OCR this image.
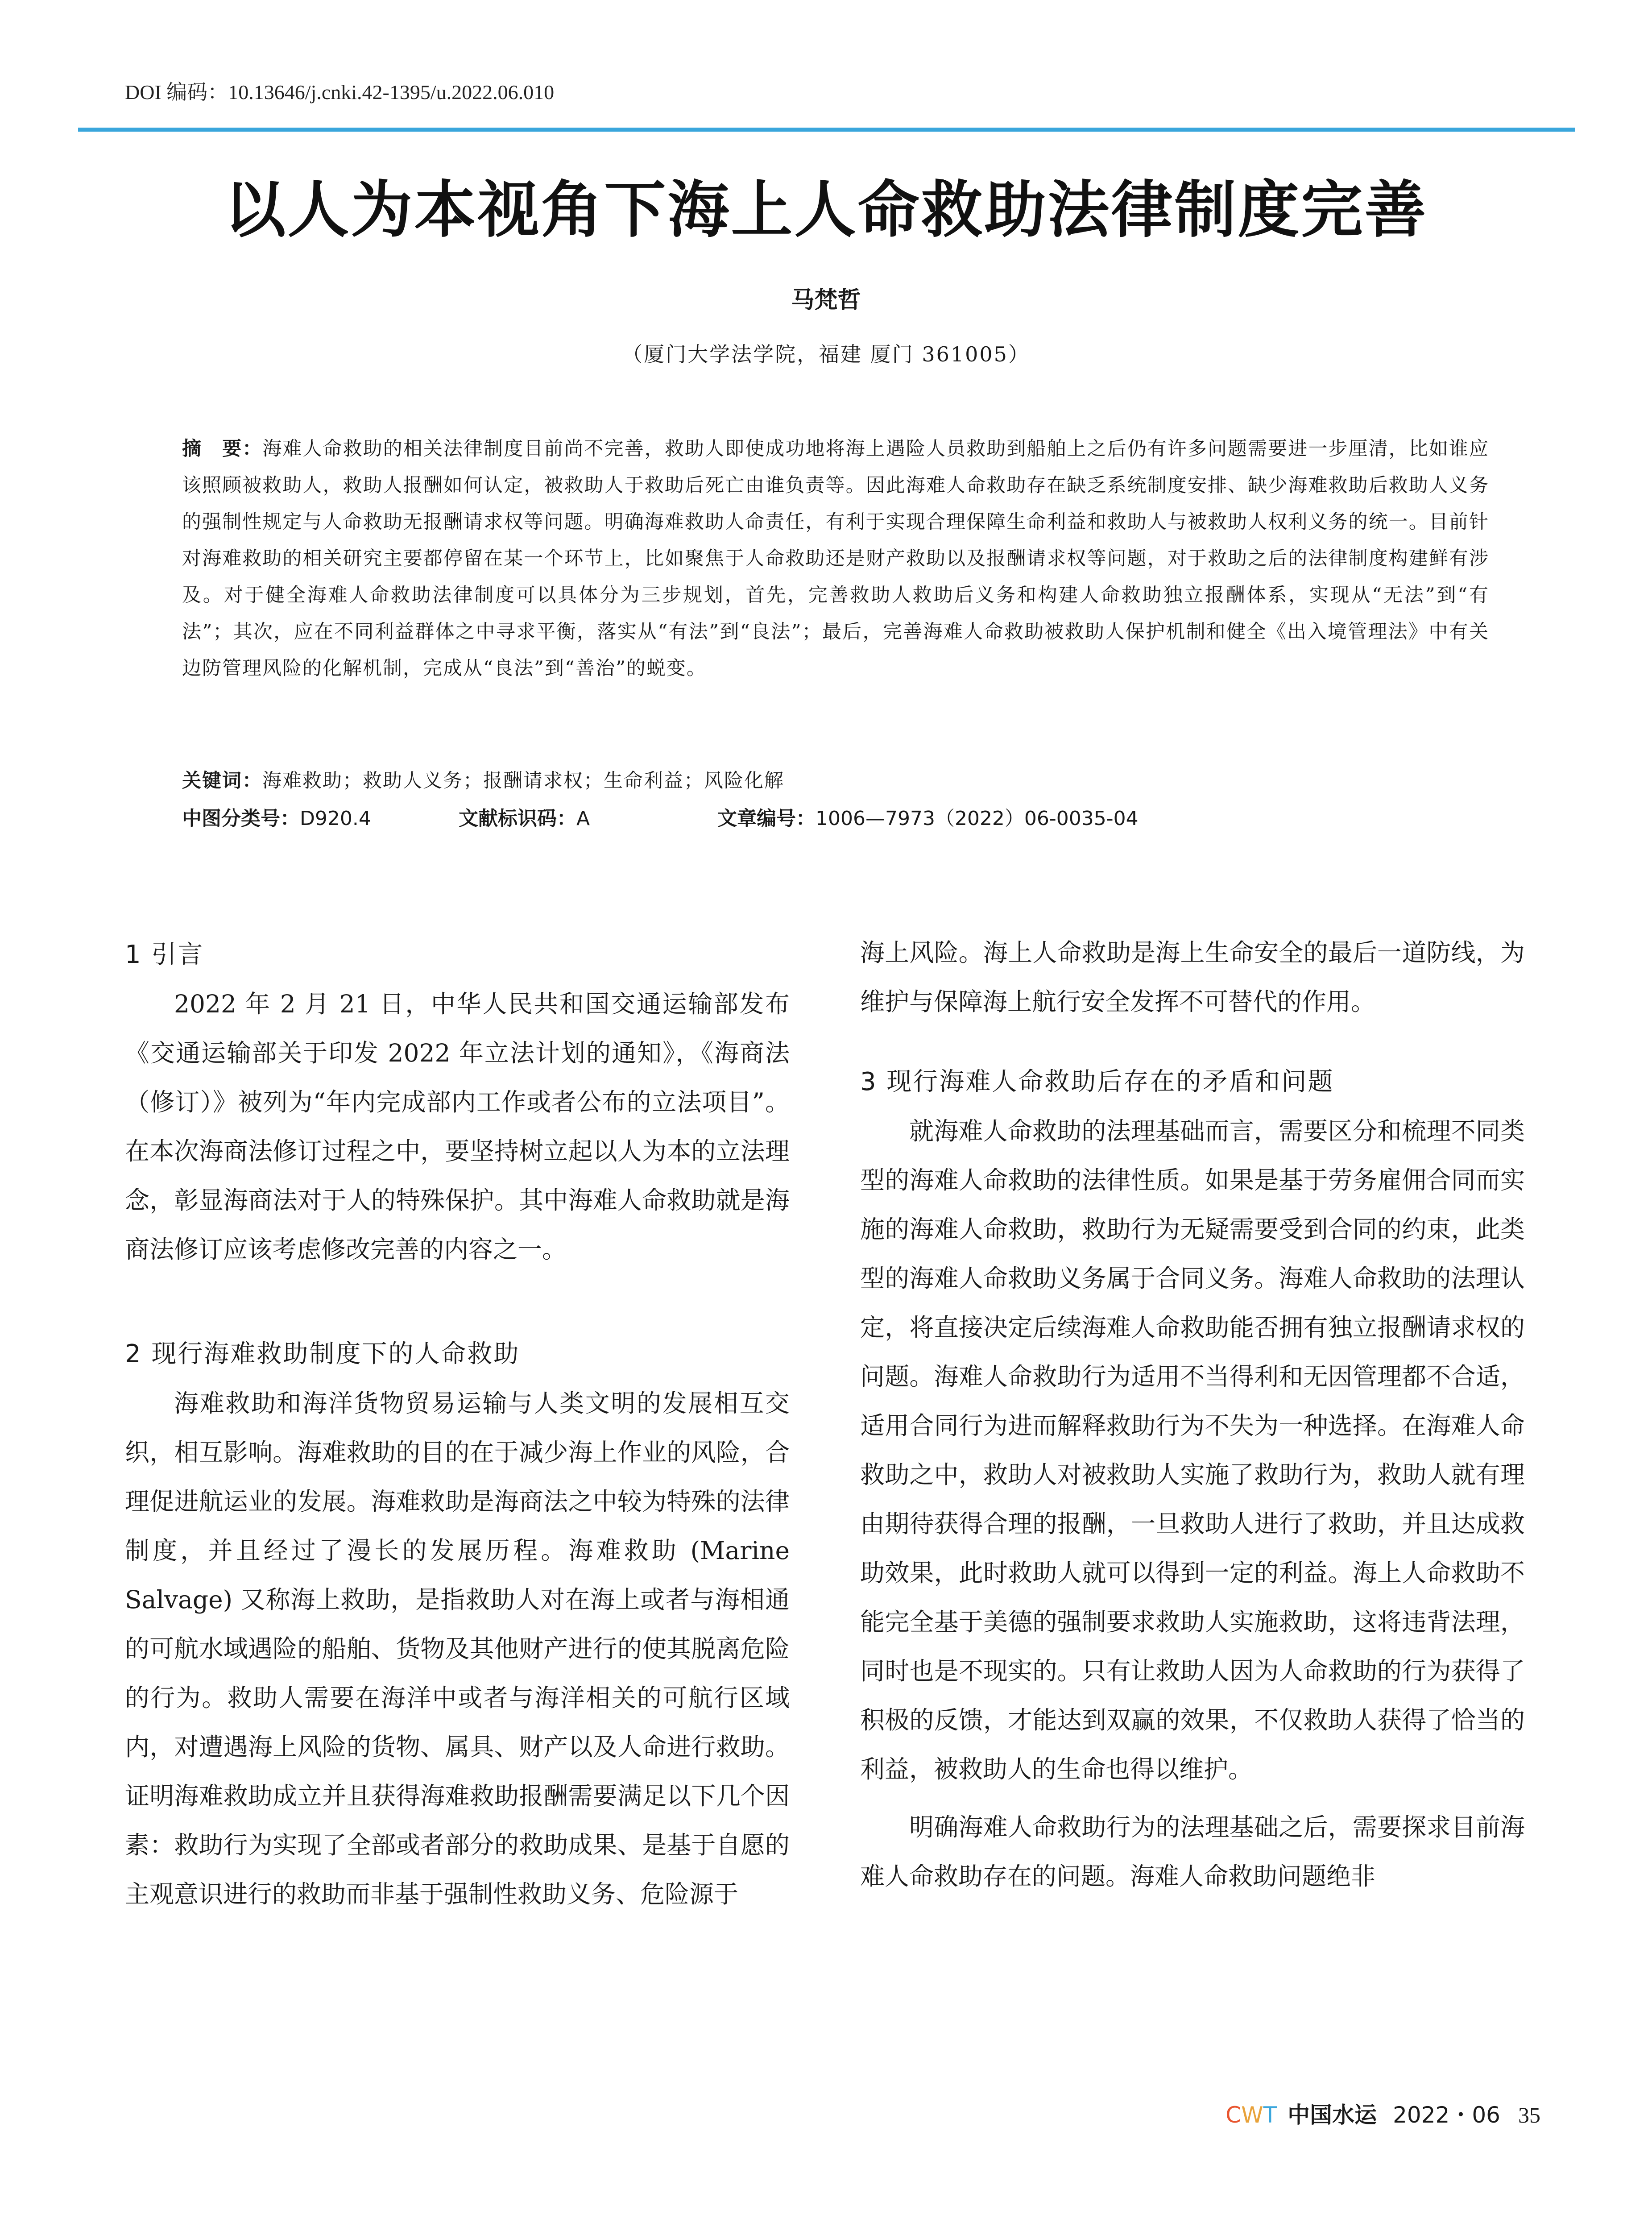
DOI 编码：10.13646/j.cnki.42-1395/u.2022.06.010
以人为本视角下海上人命救助法律制度完善
马梵哲
（厦门大学法学院，福建 厦门 361005）
摘　要：海难人命救助的相关法律制度目前尚不完善，救助人即使成功地将海上遇险人员救助到船舶上之后仍有许多问题需要进一步厘清，比如谁应该照顾被救助人，救助人报酬如何认定，被救助人于救助后死亡由谁负责等。因此海难人命救助存在缺乏系统制度安排、缺少海难救助后救助人义务的强制性规定与人命救助无报酬请求权等问题。明确海难救助人命责任，有利于实现合理保障生命利益和救助人与被救助人权利义务的统一。目前针对海难救助的相关研究主要都停留在某一个环节上，比如聚焦于人命救助还是财产救助以及报酬请求权等问题，对于救助之后的法律制度构建鲜有涉及。对于健全海难人命救助法律制度可以具体分为三步规划，首先，完善救助人救助后义务和构建人命救助独立报酬体系，实现从“无法”到“有法”；其次，应在不同利益群体之中寻求平衡，落实从“有法”到“良法”；最后，完善海难人命救助被救助人保护机制和健全《出入境管理法》中有关边防管理风险的化解机制，完成从“良法”到“善治”的蜕变。
关键词：海难救助；救助人义务；报酬请求权；生命利益；风险化解
中图分类号：D920.4	文献标识码：A	文章编号：1006—7973（2022）06-0035-04
1 引言

2022 年 2 月 21 日，中华人民共和国交通运输部发布《交通运输部关于印发 2022 年立法计划的通知》，《海商法（修订）》被列为“年内完成部内工作或者公布的立法项目”。在本次海商法修订过程之中，要坚持树立起以人为本的立法理念，彰显海商法对于人的特殊保护。其中海难人命救助就是海商法修订应该考虑修改完善的内容之一。

2 现行海难救助制度下的人命救助

海难救助和海洋货物贸易运输与人类文明的发展相互交织，相互影响。海难救助的目的在于减少海上作业的风险，合理促进航运业的发展。海难救助是海商法之中较为特殊的法律制度，并且经过了漫长的发展历程。海难救助 (Marine Salvage) 又称海上救助，是指救助人对在海上或者与海相通的可航水域遇险的船舶、货物及其他财产进行的使其脱离危险的行为。救助人需要在海洋中或者与海洋相关的可航行区域内，对遭遇海上风险的货物、属具、财产以及人命进行救助。证明海难救助成立并且获得海难救助报酬需要满足以下几个因素：救助行为实现了全部或者部分的救助成果、是基于自愿的主观意识进行的救助而非基于强制性救助义务、危险源于

海上风险。海上人命救助是海上生命安全的最后一道防线，为维护与保障海上航行安全发挥不可替代的作用。

3 现行海难人命救助后存在的矛盾和问题

就海难人命救助的法理基础而言，需要区分和梳理不同类型的海难人命救助的法律性质。如果是基于劳务雇佣合同而实施的海难人命救助，救助行为无疑需要受到合同的约束，此类型的海难人命救助义务属于合同义务。海难人命救助的法理认定，将直接决定后续海难人命救助能否拥有独立报酬请求权的问题。海难人命救助行为适用不当得利和无因管理都不合适，适用合同行为进而解释救助行为不失为一种选择。在海难人命救助之中，救助人对被救助人实施了救助行为，救助人就有理由期待获得合理的报酬，一旦救助人进行了救助，并且达成救助效果，此时救助人就可以得到一定的利益。海上人命救助不能完全基于美德的强制要求救助人实施救助，这将违背法理，同时也是不现实的。只有让救助人因为人命救助的行为获得了积极的反馈，才能达到双赢的效果，不仅救助人获得了恰当的利益，被救助人的生命也得以维护。

明确海难人命救助行为的法理基础之后，需要探求目前海难人命救助存在的问题。海难人命救助问题绝非

C W T 中国水运 2022・06 35
